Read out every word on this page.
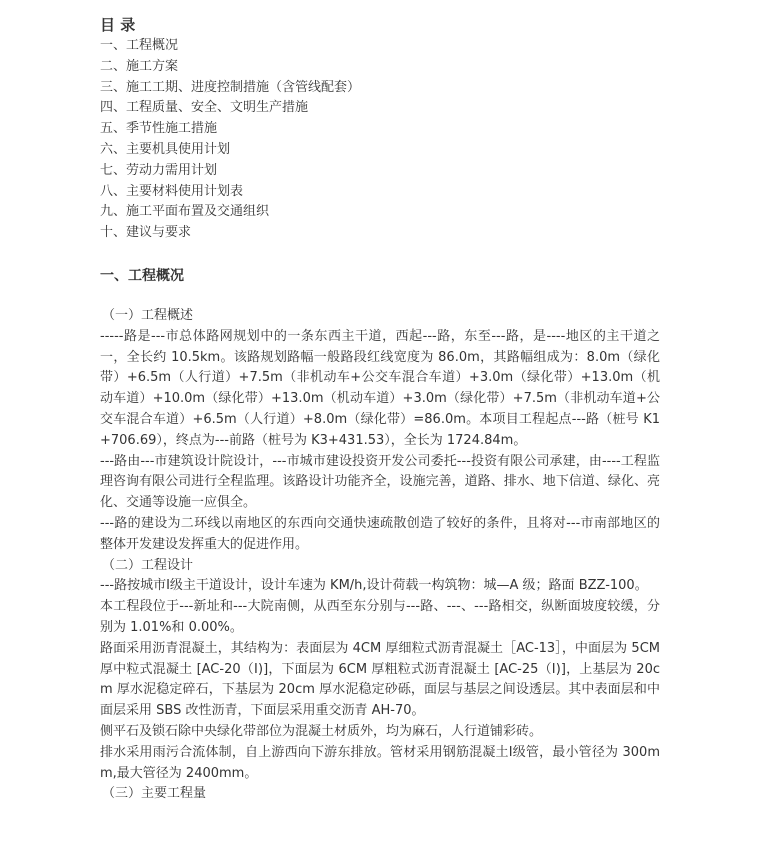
目 录
一、工程概况
二、施工方案
三、施工工期、进度控制措施（含管线配套）
四、工程质量、安全、文明生产措施
五、季节性施工措施
六、主要机具使用计划
七、劳动力需用计划
八、主要材料使用计划表
九、施工平面布置及交通组织
十、建议与要求
一、工程概况

（一）工程概述

-----路是---市总体路网规划中的一条东西主干道，西起---路，东至---路，是----地区的主干道之一，全长约 10.5km。该路规划路幅一般路段红线宽度为 86.0m，其路幅组成为：8.0m（绿化带）+6.5m（人行道）+7.5m（非机动车+公交车混合车道）+3.0m（绿化带）+13.0m（机动车道）+10.0m（绿化带）+13.0m（机动车道）+3.0m（绿化带）+7.5m（非机动车道+公交车混合车道）+6.5m（人行道）+8.0m（绿化带）=86.0m。本项目工程起点---路（桩号 K1+706.69），终点为---前路（桩号为 K3+431.53），全长为 1724.84m。

---路由---市建筑设计院设计，---市城市建设投资开发公司委托---投资有限公司承建，由----工程监理咨询有限公司进行全程监理。该路设计功能齐全，设施完善，道路、排水、地下信道、绿化、亮化、交通等设施一应俱全。

---路的建设为二环线以南地区的东西向交通快速疏散创造了较好的条件，且将对---市南部地区的整体开发建设发挥重大的促进作用。

（二）工程设计

---路按城市Ⅰ级主干道设计，设计车速为 KM/h,设计荷载一构筑物：城—A 级；路面 BZZ-100。

本工程段位于---新址和---大院南侧，从西至东分别与---路、---、---路相交，纵断面坡度较缓，分别为 1.01%和 0.00%。

路面采用沥青混凝土，其结构为：表面层为 4CM 厚细粒式沥青混凝土［AC-13］，中面层为 5CM 厚中粒式混凝土 [AC-20（Ⅰ)]，下面层为 6CM 厚粗粒式沥青混凝土 [AC-25（Ⅰ)]，上基层为 20cm 厚水泥稳定碎石，下基层为 20cm 厚水泥稳定砂砾，面层与基层之间设透层。其中表面层和中面层采用 SBS 改性沥青，下面层采用重交沥青 AH-70。

侧平石及锁石除中央绿化带部位为混凝土材质外，均为麻石，人行道铺彩砖。

排水采用雨污合流体制，自上游西向下游东排放。管材采用钢筋混凝土Ⅰ级管，最小管径为 300mm,最大管径为 2400mm。

（三）主要工程量
